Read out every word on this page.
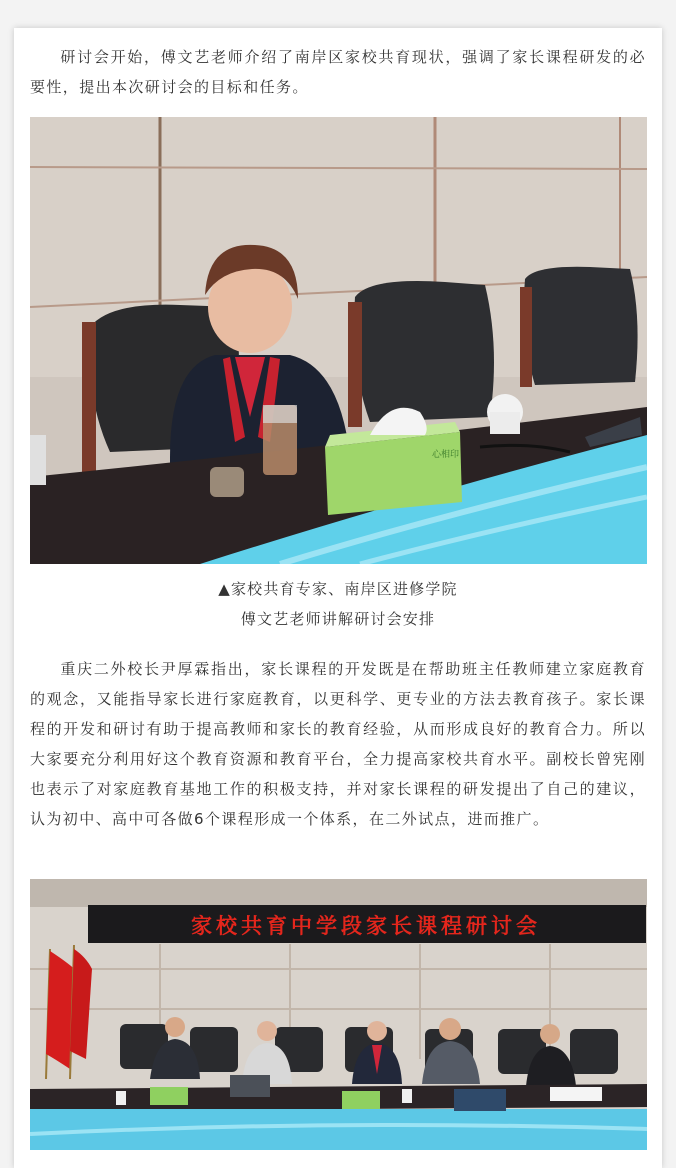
研讨会开始，傅文艺老师介绍了南岸区家校共育现状，强调了家长课程研发的必要性，提出本次研讨会的目标和任务。

心相印

▲家校共育专家、南岸区进修学院

傅文艺老师讲解研讨会安排

重庆二外校长尹厚霖指出，家长课程的开发既是在帮助班主任教师建立家庭教育的观念，又能指导家长进行家庭教育，以更科学、更专业的方法去教育孩子。家长课程的开发和研讨有助于提高教师和家长的教育经验，从而形成良好的教育合力。所以大家要充分利用好这个教育资源和教育平台，全力提高家校共育水平。副校长曾宪刚也表示了对家庭教育基地工作的积极支持，并对家长课程的研发提出了自己的建议，认为初中、高中可各做6个课程形成一个体系，在二外试点，进而推广。

家校共育中学段家长课程研讨会
